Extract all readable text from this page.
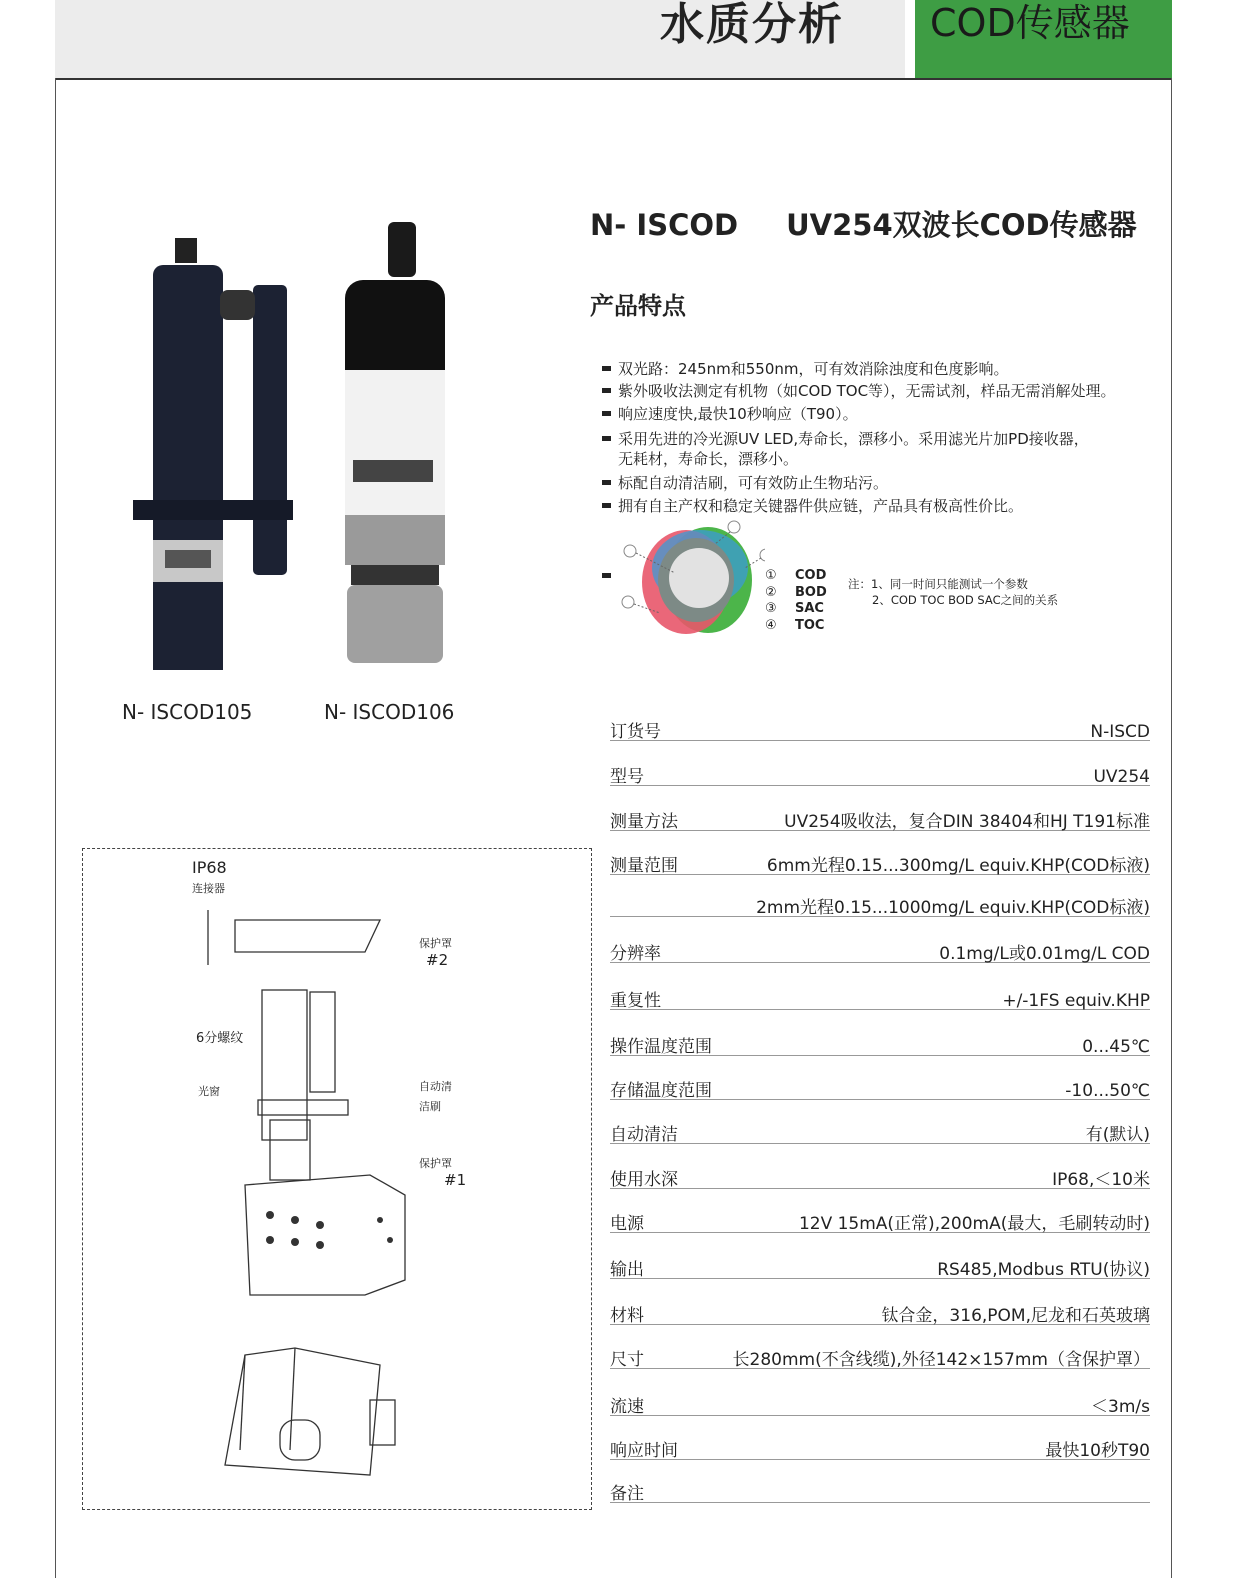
水质分析 COD传感器
N- ISCOD UV254双波长COD传感器
产品特点
双光路：245nm和550nm，可有效消除浊度和色度影响。
紫外吸收法测定有机物（如COD TOC等），无需试剂，样品无需消解处理。
响应速度快,最快10秒响应（T90）。
采用先进的冷光源UV LED,寿命长，漂移小。采用滤光片加PD接收器，
无耗材，寿命长，漂移小。
标配自动清洁刷，可有效防止生物玷污。
拥有自主产权和稳定关键器件供应链，产品具有极高性价比。
① COD
② BOD
③ SAC
④ TOC
注：1、同一时间只能测试一个参数
2、COD TOC BOD SAC之间的关系
N- ISCOD105	N- ISCOD106
IP68
连接器
保护罩
#2
6分螺纹
光窗	自动清
洁刷
保护罩
#1
订货号	N-ISCD
型号	UV254
测量方法	UV254吸收法，复合DIN 38404和HJ T191标准
测量范围	6mm光程0.15...300mg/L equiv.KHP(COD标液)
2mm光程0.15...1000mg/L equiv.KHP(COD标液)
分辨率	0.1mg/L或0.01mg/L COD
重复性	+/-1FS equiv.KHP
操作温度范围	0...45℃
存储温度范围	-10...50℃
自动清洁	有(默认)
使用水深	IP68,＜10米
电源	12V 15mA(正常),200mA(最大，毛刷转动时)
输出	RS485,Modbus RTU(协议)
材料	钛合金，316,POM,尼龙和石英玻璃
尺寸	长280mm(不含线缆),外径142×157mm（含保护罩）
流速	＜3m/s
响应时间	最快10秒T90
备注
